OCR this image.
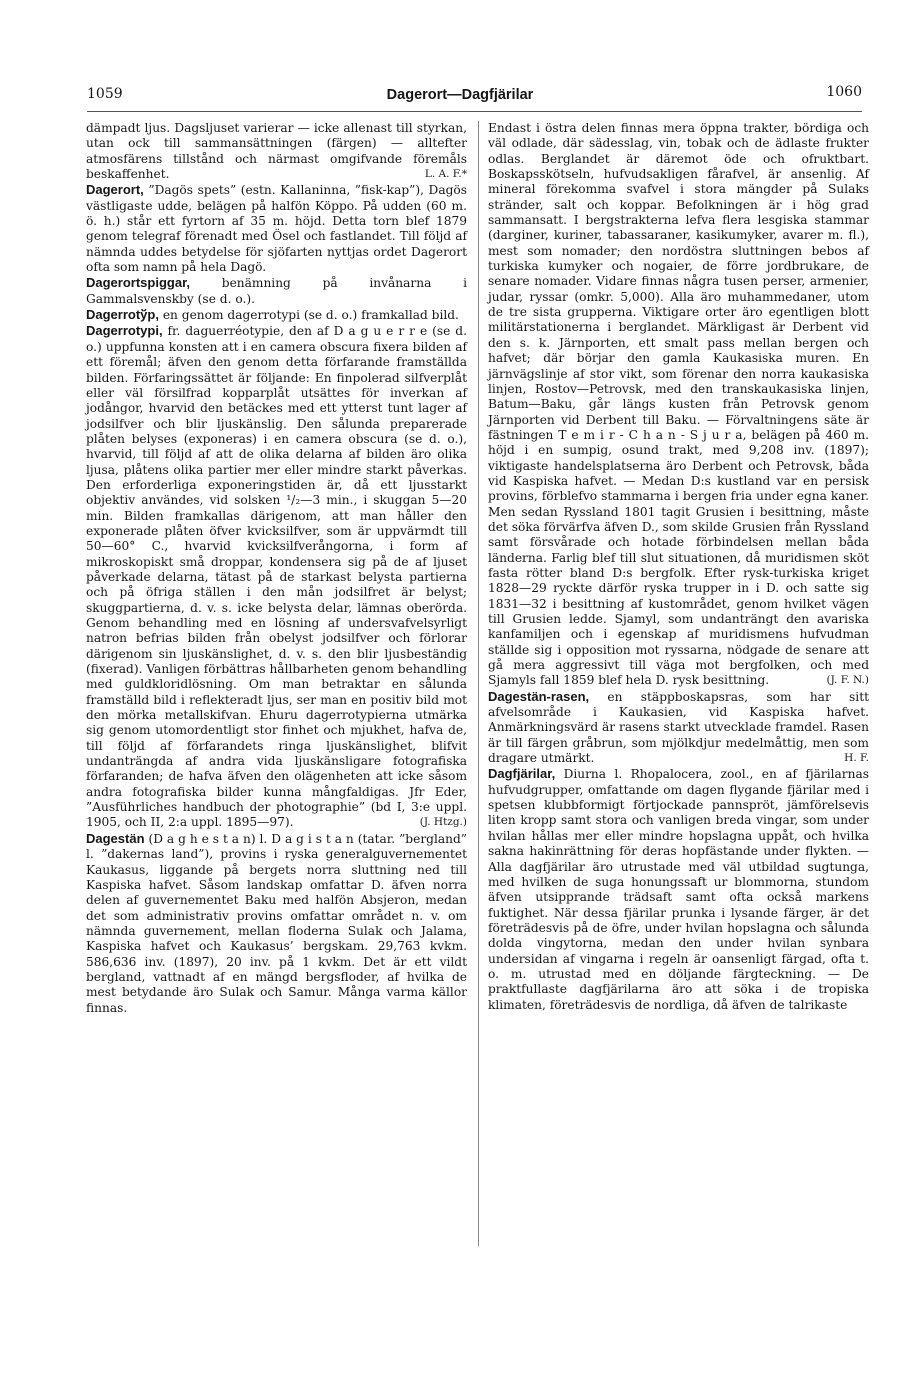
1059	Dagerort—Dagfjärilar	1060

dämpadt ljus. Dagsljuset varierar — icke allenast till styrkan, utan ock till sammansättningen (färgen) — alltefter atmosfärens tillstånd och närmast omgifvande föremåls beskaffenhet.	L. A. F.*

Dagerort, ”Dagös spets” (estn. Kallaninna, ”fisk-kap”), Dagös västligaste udde, belägen på halfön Köppo. På udden (60 m. ö. h.) står ett fyrtorn af 35 m. höjd. Detta torn blef 1879 genom telegraf förenadt med Ösel och fastlandet. Till följd af nämnda uddes betydelse för sjöfarten nyttjas ordet Dagerort ofta som namn på hela Dagö.

Dagerortspiggar, benämning på invånarna i Gammalsvenskby (se d. o.).

Dagerrotўp, en genom dagerrotypi (se d. o.) framkallad bild.

Dagerrotypi, fr. daguerréotypie, den af D a g u e r r e (se d. o.) uppfunna konsten att i en camera obscura fixera bilden af ett föremål; äfven den genom detta förfarande framställda bilden. Förfaringssättet är följande: En finpolerad silfverplåt eller väl försilfrad kopparplåt utsättes för inverkan af jodångor, hvarvid den betäckes med ett ytterst tunt lager af jodsilfver och blir ljuskänslig. Den sålunda preparerade plåten belyses (exponeras) i en camera obscura (se d. o.), hvarvid, till följd af att de olika delarna af bilden äro olika ljusa, plåtens olika partier mer eller mindre starkt påverkas. Den erforderliga exponeringstiden är, då ett ljusstarkt objektiv användes, vid solsken ¹/₂—3 min., i skuggan 5—20 min. Bilden framkallas därigenom, att man håller den exponerade plåten öfver kvicksilfver, som är uppvärmdt till 50—60° C., hvarvid kvicksilfverångorna, i form af mikroskopiskt små droppar, kondensera sig på de af ljuset påverkade delarna, tätast på de starkast belysta partierna och på öfriga ställen i den mån jodsilfret är belyst; skuggpartierna, d. v. s. icke belysta delar, lämnas oberörda. Genom behandling med en lösning af undersvafvelsyrligt natron befrias bilden från obelyst jodsilfver och förlorar därigenom sin ljuskänslighet, d. v. s. den blir ljusbeständig (fixerad). Vanligen förbättras hållbarheten genom behandling med guldkloridlösning. Om man betraktar en sålunda framställd bild i reflekteradt ljus, ser man en positiv bild mot den mörka metallskifvan. Ehuru dagerrotypierna utmärka sig genom utomordentligt stor finhet och mjukhet, hafva de, till följd af förfarandets ringa ljuskänslighet, blifvit undanträngda af andra vida ljuskänsligare fotografiska förfaranden; de hafva äfven den olägenheten att icke såsom andra fotografiska bilder kunna mångfaldigas. Jfr Eder, ”Ausführliches handbuch der photographie” (bd I, 3:e uppl. 1905, och II, 2:a uppl. 1895—97).	(J. Htzg.)

Dagestän (D a g h e s t a n) l. D a g i s t a n (tatar. ”bergland” l. ”dakernas land”), provins i ryska generalguvernementet Kaukasus, liggande på bergets norra sluttning ned till Kaspiska hafvet. Såsom landskap omfattar D. äfven norra delen af guvernementet Baku med halfön Absjeron, medan det som administrativ provins omfattar området n. v. om nämnda guvernement, mellan floderna Sulak och Jalama, Kaspiska hafvet och Kaukasus’ bergskam. 29,763 kvkm. 586,636 inv. (1897), 20 inv. på 1 kvkm. Det är ett vildt bergland, vattnadt af en mängd bergsfloder, af hvilka de mest betydande äro Sulak och Samur. Många varma källor finnas.

Endast i östra delen finnas mera öppna trakter, bördiga och väl odlade, där sädesslag, vin, tobak och de ädlaste frukter odlas. Berglandet är däremot öde och ofruktbart. Boskapsskötseln, hufvudsakligen fårafvel, är ansenlig. Af mineral förekomma svafvel i stora mängder på Sulaks stränder, salt och koppar. Befolkningen är i hög grad sammansatt. I bergstrakterna lefva flera lesgiska stammar (darginer, kuriner, tabassaraner, kasikumyker, avarer m. fl.), mest som nomader; den nordöstra sluttningen bebos af turkiska kumyker och nogaier, de förre jordbrukare, de senare nomader. Vidare finnas några tusen perser, armenier, judar, ryssar (omkr. 5,000). Alla äro muhammedaner, utom de tre sista grupperna. Viktigare orter äro egentligen blott militärstationerna i berglandet. Märkligast är Derbent vid den s. k. Järnporten, ett smalt pass mellan bergen och hafvet; där börjar den gamla Kaukasiska muren. En järnvägslinje af stor vikt, som förenar den norra kaukasiska linjen, Rostov—Petrovsk, med den transkaukasiska linjen, Batum—Baku, går längs kusten från Petrovsk genom Järnporten vid Derbent till Baku. — Förvaltningens säte är fästningen T e m i r - C h a n - S j u r a, belägen på 460 m. höjd i en sumpig, osund trakt, med 9,208 inv. (1897); viktigaste handelsplatserna äro Derbent och Petrovsk, båda vid Kaspiska hafvet. — Medan D:s kustland var en persisk provins, förblefvo stammarna i bergen fria under egna kaner. Men sedan Ryssland 1801 tagit Grusien i besittning, måste det söka förvärfva äfven D., som skilde Grusien från Ryssland samt försvårade och hotade förbindelsen mellan båda länderna. Farlig blef till slut situationen, då muridismen sköt fasta rötter bland D:s bergfolk. Efter rysk-turkiska kriget 1828—29 ryckte därför ryska trupper in i D. och satte sig 1831—32 i besittning af kustområdet, genom hvilket vägen till Grusien ledde. Sjamyl, som undanträngt den avariska kanfamiljen och i egenskap af muridismens hufvudman ställde sig i opposition mot ryssarna, nödgade de senare att gå mera aggressivt till väga mot bergfolken, och med Sjamyls fall 1859 blef hela D. rysk besittning.	(J. F. N.)

Dagestän-rasen, en stäppboskapsras, som har sitt afvelsområde i Kaukasien, vid Kaspiska hafvet. Anmärkningsvärd är rasens starkt utvecklade framdel. Rasen är till färgen gråbrun, som mjölkdjur medelmåttig, men som dragare utmärkt.	H. F.

Dagfjärilar, Diurna l. Rhopalocera, zool., en af fjärilarnas hufvudgrupper, omfattande om dagen flygande fjärilar med i spetsen klubbformigt förtjockade pannspröt, jämförelsevis liten kropp samt stora och vanligen breda vingar, som under hvilan hållas mer eller mindre hopslagna uppåt, och hvilka sakna hakinrättning för deras hopfästande under flykten. — Alla dagfjärilar äro utrustade med väl utbildad sugtunga, med hvilken de suga honungssaft ur blommorna, stundom äfven utsipprande trädsaft samt ofta också markens fuktighet. När dessa fjärilar prunka i lysande färger, är det företrädesvis på de öfre, under hvilan hopslagna och sålunda dolda vingytorna, medan den under hvilan synbara undersidan af vingarna i regeln är oansenligt färgad, ofta t. o. m. utrustad med en döljande färgteckning. — De praktfullaste dagfjärilarna äro att söka i de tropiska klimaten, företrädesvis de nordliga, då äfven de talrikaste
